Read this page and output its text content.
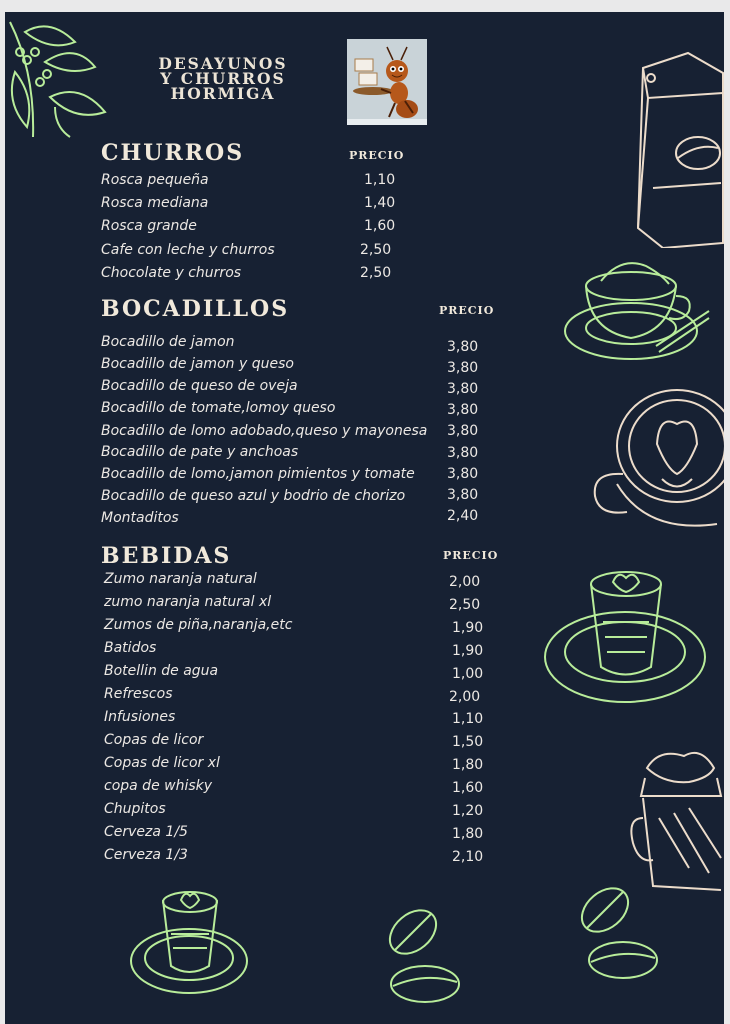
DESAYUNOS
Y CHURROS
HORMIGA
CHURROS	PRECIO
Rosca pequeña	1,10
Rosca mediana	1,40
Rosca grande	1,60
Cafe con leche y churros	2,50
Chocolate y churros	2,50
BOCADILLOS	PRECIO
Bocadillo de jamon	3,80
Bocadillo de jamon y queso	3,80
Bocadillo de queso de oveja	3,80
Bocadillo de tomate,lomoy queso	3,80
Bocadillo de lomo adobado,queso y mayonesa 3,80
Bocadillo de pate y anchoas	3,80
Bocadillo de lomo,jamon pimientos y tomate 3,80
Bocadillo de queso azul y bodrio de chorizo	3,80
Montaditos	2,40
BEBIDAS	PRECIO
Zumo naranja natural	2,00
zumo naranja natural xl	2,50
Zumos de piña,naranja,etc	1,90
Batidos	1,90
Botellin de agua	1,00
Refrescos	2,00
Infusiones	1,10
Copas de licor	1,50
Copas de licor xl	1,80
copa de whisky	1,60
Chupitos	1,20
Cerveza 1/5	1,80
Cerveza 1/3	2,10
